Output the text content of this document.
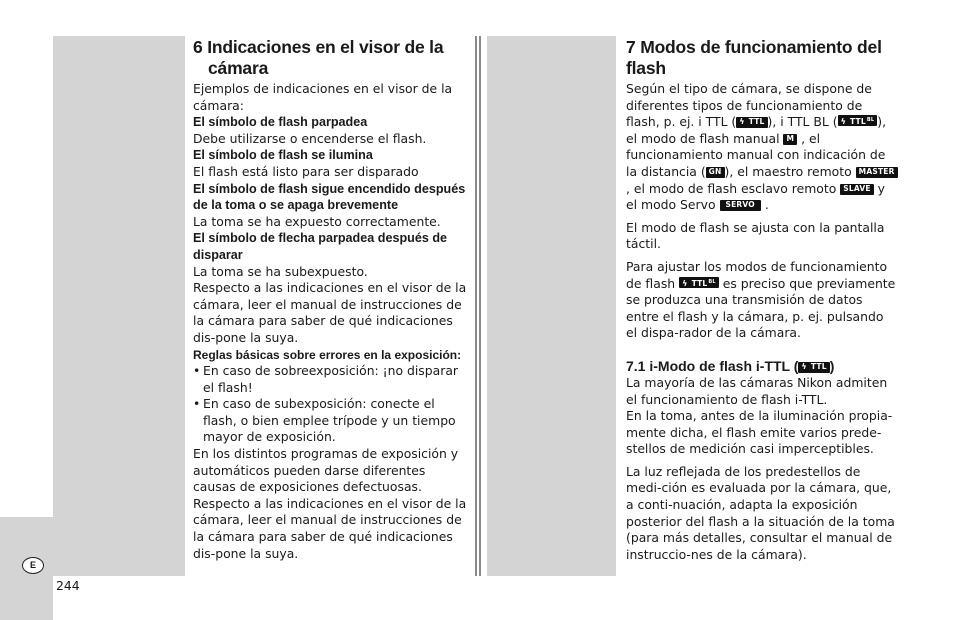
6 Indicaciones en el visor de la
cámara

Ejemplos de indicaciones en el visor de la cámara:

El símbolo de flash parpadea

Debe utilizarse o encenderse el flash.

El símbolo de flash se ilumina

El flash está listo para ser disparado

El símbolo de flash sigue encendido después de la toma o se apaga brevemente

La toma se ha expuesto correctamente.

El símbolo de flecha parpadea después de disparar

La toma se ha subexpuesto.

Respecto a las indicaciones en el visor de la cámara, leer el manual de instrucciones de la cámara para saber de qué indicaciones dis-pone la suya.

Reglas básicas sobre errores en la exposición:

• En caso de sobreexposición: ¡no disparar el flash!
• En caso de subexposición: conecte el flash, o bien emplee trípode y un tiempo mayor de exposición.

En los distintos programas de exposición y automáticos pueden darse diferentes causas de exposiciones defectuosas.

Respecto a las indicaciones en el visor de la cámara, leer el manual de instrucciones de la cámara para saber de qué indicaciones dis-pone la suya.

7 Modos de funcionamiento del flash

Según el tipo de cámara, se dispone de diferentes tipos de funcionamiento de flash, p. ej. i TTL ( ϟ TTL ), i TTL BL ( ϟ $TTL^{BL}$ ), el modo de flash manual M , el funcionamiento manual con indicación de la distancia ( GN ), el maestro remoto MASTER, el modo de flash esclavo remoto SLAVE y el modo Servo SERVO .

El modo de flash se ajusta con la pantalla táctil.

Para ajustar los modos de funcionamiento de flash ϟ $TTL^{BL}$ es preciso que previamente se produzca una transmisión de datos entre el flash y la cámara, p. ej. pulsando el dispa-rador de la cámara.

7.1 i-Modo de flash i-TTL ( ϟ TTL )

La mayoría de las cámaras Nikon admiten el funcionamiento de flash i-TTL.

En la toma, antes de la iluminación propia-mente dicha, el flash emite varios prede-stellos de medición casi imperceptibles.

La luz reflejada de los predestellos de medi-ción es evaluada por la cámara, que, a conti-nuación, adapta la exposición posterior del flash a la situación de la toma (para más detalles, consultar el manual de instruccio-nes de la cámara).

E
244
